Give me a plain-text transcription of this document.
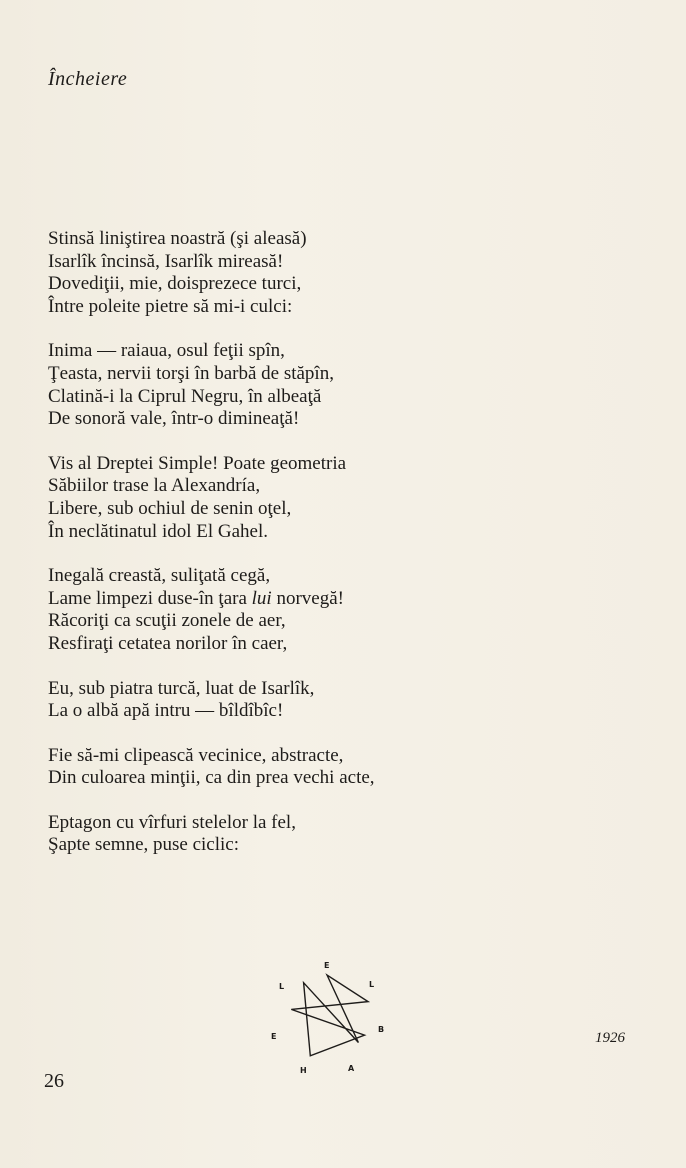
Încheiere
Stinsă liniştirea noastră (şi aleasă)
Isarlîk încinsă, Isarlîk mireasă!
Dovediţii, mie, doisprezece turci,
Între poleite pietre să mi-i culci:
Inima — raiaua, osul feţii spîn,
Ţeasta, nervii torşi în barbă de stăpîn,
Clatină-i la Ciprul Negru, în albeaţă
De sonoră vale, într-o dimineaţă!
Vis al Dreptei Simple! Poate geometria
Săbiilor trase la Alexandría,
Libere, sub ochiul de senin oţel,
În neclătinatul idol El Gahel.
Inegală creastă, suliţată cegă,
Lame limpezi duse-în ţara lui norvegă!
Răcoriţi ca scuţii zonele de aer,
Resfiraţi cetatea norilor în caer,
Eu, sub piatra turcă, luat de Isarlîk,
La o albă apă intru — bîldîbîc!
Fie să-mi clipească vecinice, abstracte,
Din culoarea minţii, ca din prea vechi acte,
Eptagon cu vîrfuri stelelor la fel,
Şapte semne, puse ciclic:
E
L
B
A
H
E
L
1926
26
